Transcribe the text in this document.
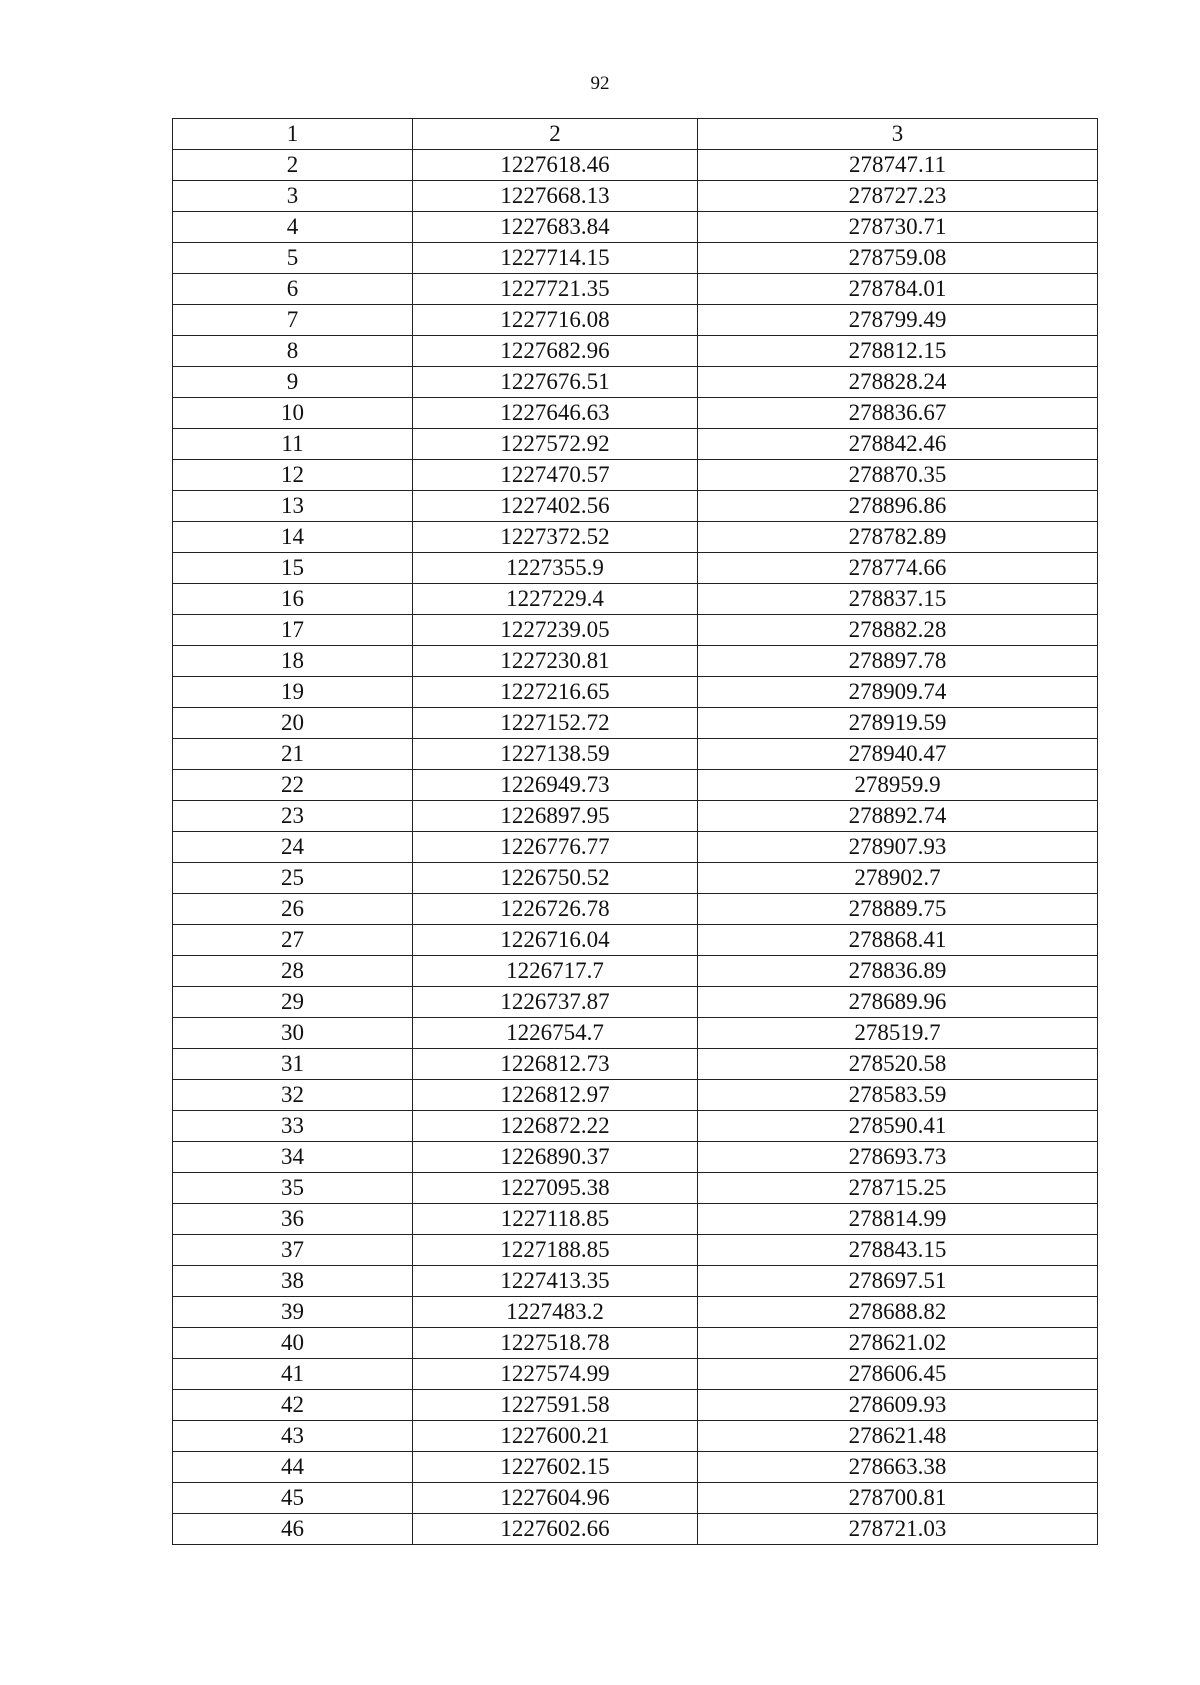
92
1	2	3
2	1227618.46	278747.11
3	1227668.13	278727.23
4	1227683.84	278730.71
5	1227714.15	278759.08
6	1227721.35	278784.01
7	1227716.08	278799.49
8	1227682.96	278812.15
9	1227676.51	278828.24
10	1227646.63	278836.67
11	1227572.92	278842.46
12	1227470.57	278870.35
13	1227402.56	278896.86
14	1227372.52	278782.89
15	1227355.9	278774.66
16	1227229.4	278837.15
17	1227239.05	278882.28
18	1227230.81	278897.78
19	1227216.65	278909.74
20	1227152.72	278919.59
21	1227138.59	278940.47
22	1226949.73	278959.9
23	1226897.95	278892.74
24	1226776.77	278907.93
25	1226750.52	278902.7
26	1226726.78	278889.75
27	1226716.04	278868.41
28	1226717.7	278836.89
29	1226737.87	278689.96
30	1226754.7	278519.7
31	1226812.73	278520.58
32	1226812.97	278583.59
33	1226872.22	278590.41
34	1226890.37	278693.73
35	1227095.38	278715.25
36	1227118.85	278814.99
37	1227188.85	278843.15
38	1227413.35	278697.51
39	1227483.2	278688.82
40	1227518.78	278621.02
41	1227574.99	278606.45
42	1227591.58	278609.93
43	1227600.21	278621.48
44	1227602.15	278663.38
45	1227604.96	278700.81
46	1227602.66	278721.03
